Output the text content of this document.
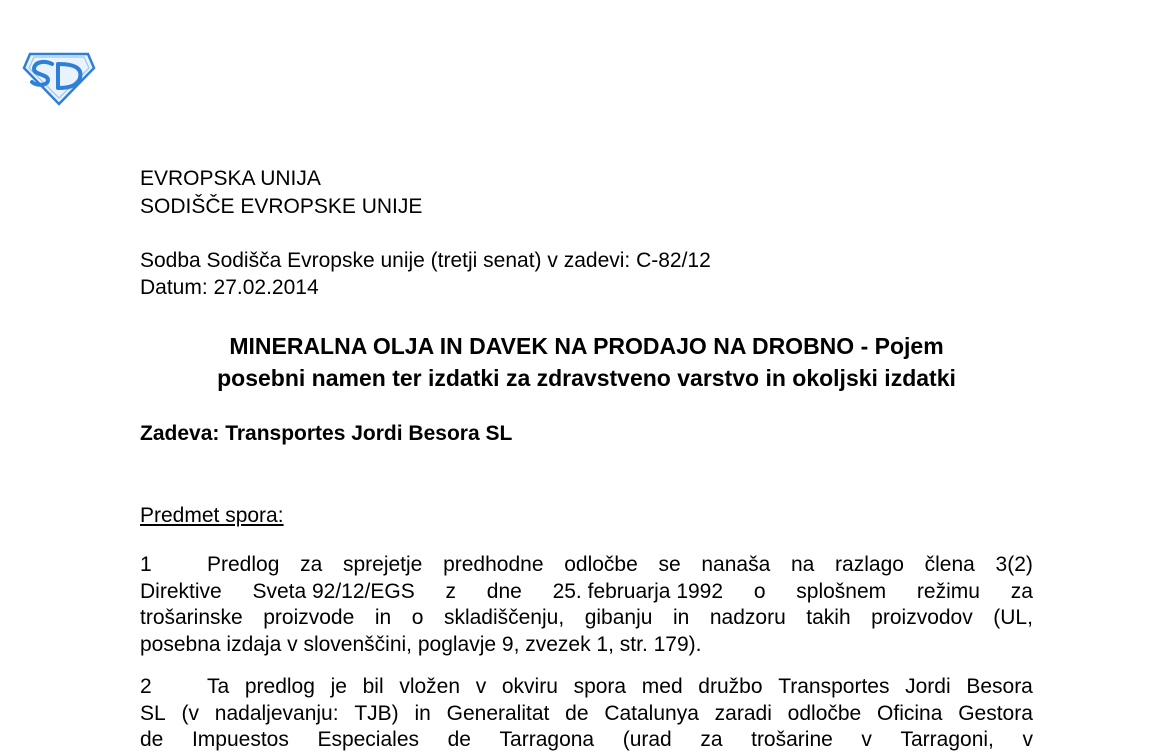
EVROPSKA UNIJA
SODIŠČE EVROPSKE UNIJE
Sodba Sodišča Evropske unije (tretji senat) v zadevi: C-82/12
Datum: 27.02.2014
MINERALNA OLJA IN DAVEK NA PRODAJO NA DROBNO - Pojem
posebni namen ter izdatki za zdravstveno varstvo in okoljski izdatki
Zadeva: Transportes Jordi Besora SL
Predmet spora:
1	Predlog za sprejetje predhodne odločbe se nanaša na razlago člena 3(2)
Direktive Sveta 92/12/EGS z dne 25. februarja 1992 o splošnem režimu za
trošarinske proizvode in o skladiščenju, gibanju in nadzoru takih proizvodov (UL,
posebna izdaja v slovenščini, poglavje 9, zvezek 1, str. 179).
2	Ta predlog je bil vložen v okviru spora med družbo Transportes Jordi Besora
SL (v nadaljevanju: TJB) in Generalitat de Catalunya zaradi odločbe Oficina Gestora
de Impuestos Especiales de Tarragona (urad za trošarine v Tarragoni, v
